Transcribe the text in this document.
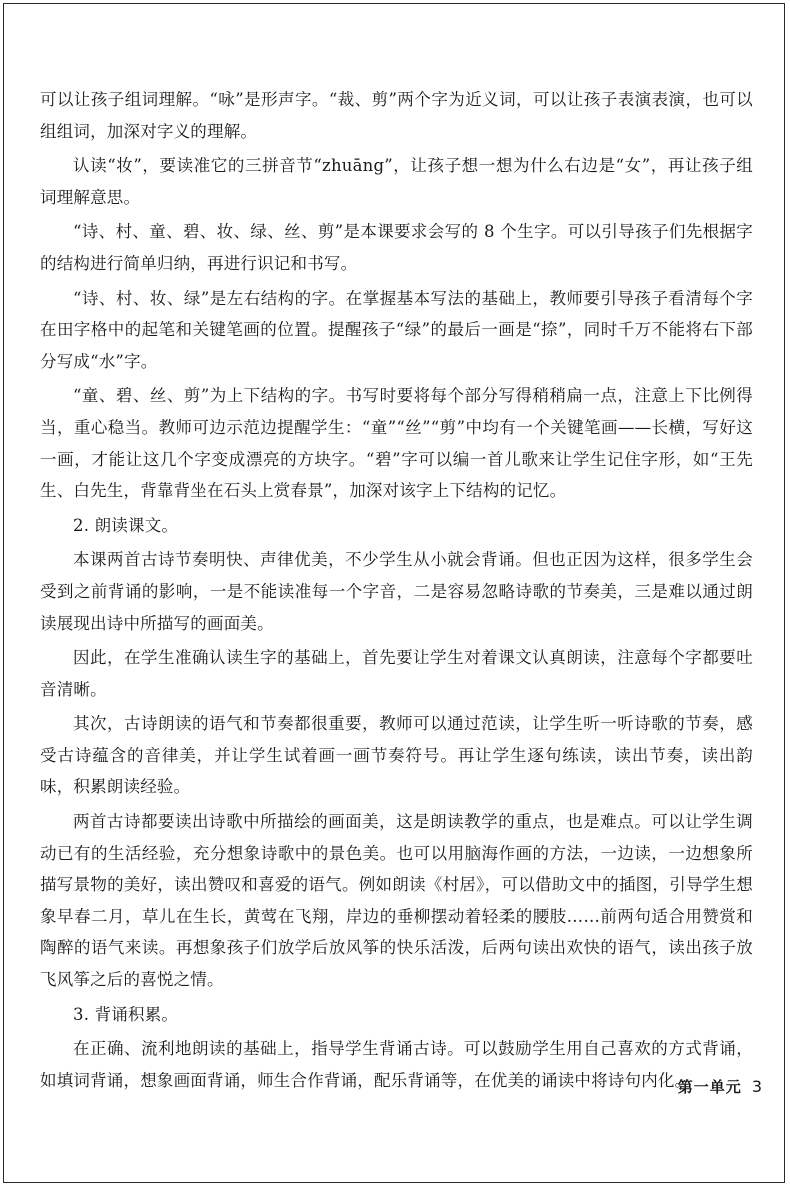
可以让孩子组词理解。“咏”是形声字。“裁、剪”两个字为近义词，可以让孩子表演表演，也可以组组词，加深对字义的理解。

认读“妆”，要读准它的三拼音节“zhuāng”，让孩子想一想为什么右边是“女”，再让孩子组词理解意思。

“诗、村、童、碧、妆、绿、丝、剪”是本课要求会写的 8 个生字。可以引导孩子们先根据字的结构进行简单归纳，再进行识记和书写。

“诗、村、妆、绿”是左右结构的字。在掌握基本写法的基础上，教师要引导孩子看清每个字在田字格中的起笔和关键笔画的位置。提醒孩子“绿”的最后一画是“捺”，同时千万不能将右下部分写成“水”字。

“童、碧、丝、剪”为上下结构的字。书写时要将每个部分写得稍稍扁一点，注意上下比例得当，重心稳当。教师可边示范边提醒学生：“童”“丝”“剪”中均有一个关键笔画——长横，写好这一画，才能让这几个字变成漂亮的方块字。“碧”字可以编一首儿歌来让学生记住字形，如“王先生、白先生，背靠背坐在石头上赏春景”，加深对该字上下结构的记忆。

2. 朗读课文。

本课两首古诗节奏明快、声律优美，不少学生从小就会背诵。但也正因为这样，很多学生会受到之前背诵的影响，一是不能读准每一个字音，二是容易忽略诗歌的节奏美，三是难以通过朗读展现出诗中所描写的画面美。

因此，在学生准确认读生字的基础上，首先要让学生对着课文认真朗读，注意每个字都要吐音清晰。

其次，古诗朗读的语气和节奏都很重要，教师可以通过范读，让学生听一听诗歌的节奏，感受古诗蕴含的音律美，并让学生试着画一画节奏符号。再让学生逐句练读，读出节奏，读出韵味，积累朗读经验。

两首古诗都要读出诗歌中所描绘的画面美，这是朗读教学的重点，也是难点。可以让学生调动已有的生活经验，充分想象诗歌中的景色美。也可以用脑海作画的方法，一边读，一边想象所描写景物的美好，读出赞叹和喜爱的语气。例如朗读《村居》，可以借助文中的插图，引导学生想象早春二月，草儿在生长，黄莺在飞翔，岸边的垂柳摆动着轻柔的腰肢……前两句适合用赞赏和陶醉的语气来读。再想象孩子们放学后放风筝的快乐活泼，后两句读出欢快的语气，读出孩子放飞风筝之后的喜悦之情。

3. 背诵积累。

在正确、流利地朗读的基础上，指导学生背诵古诗。可以鼓励学生用自己喜欢的方式背诵，如填词背诵，想象画面背诵，师生合作背诵，配乐背诵等，在优美的诵读中将诗句内化。

第一单元 3
